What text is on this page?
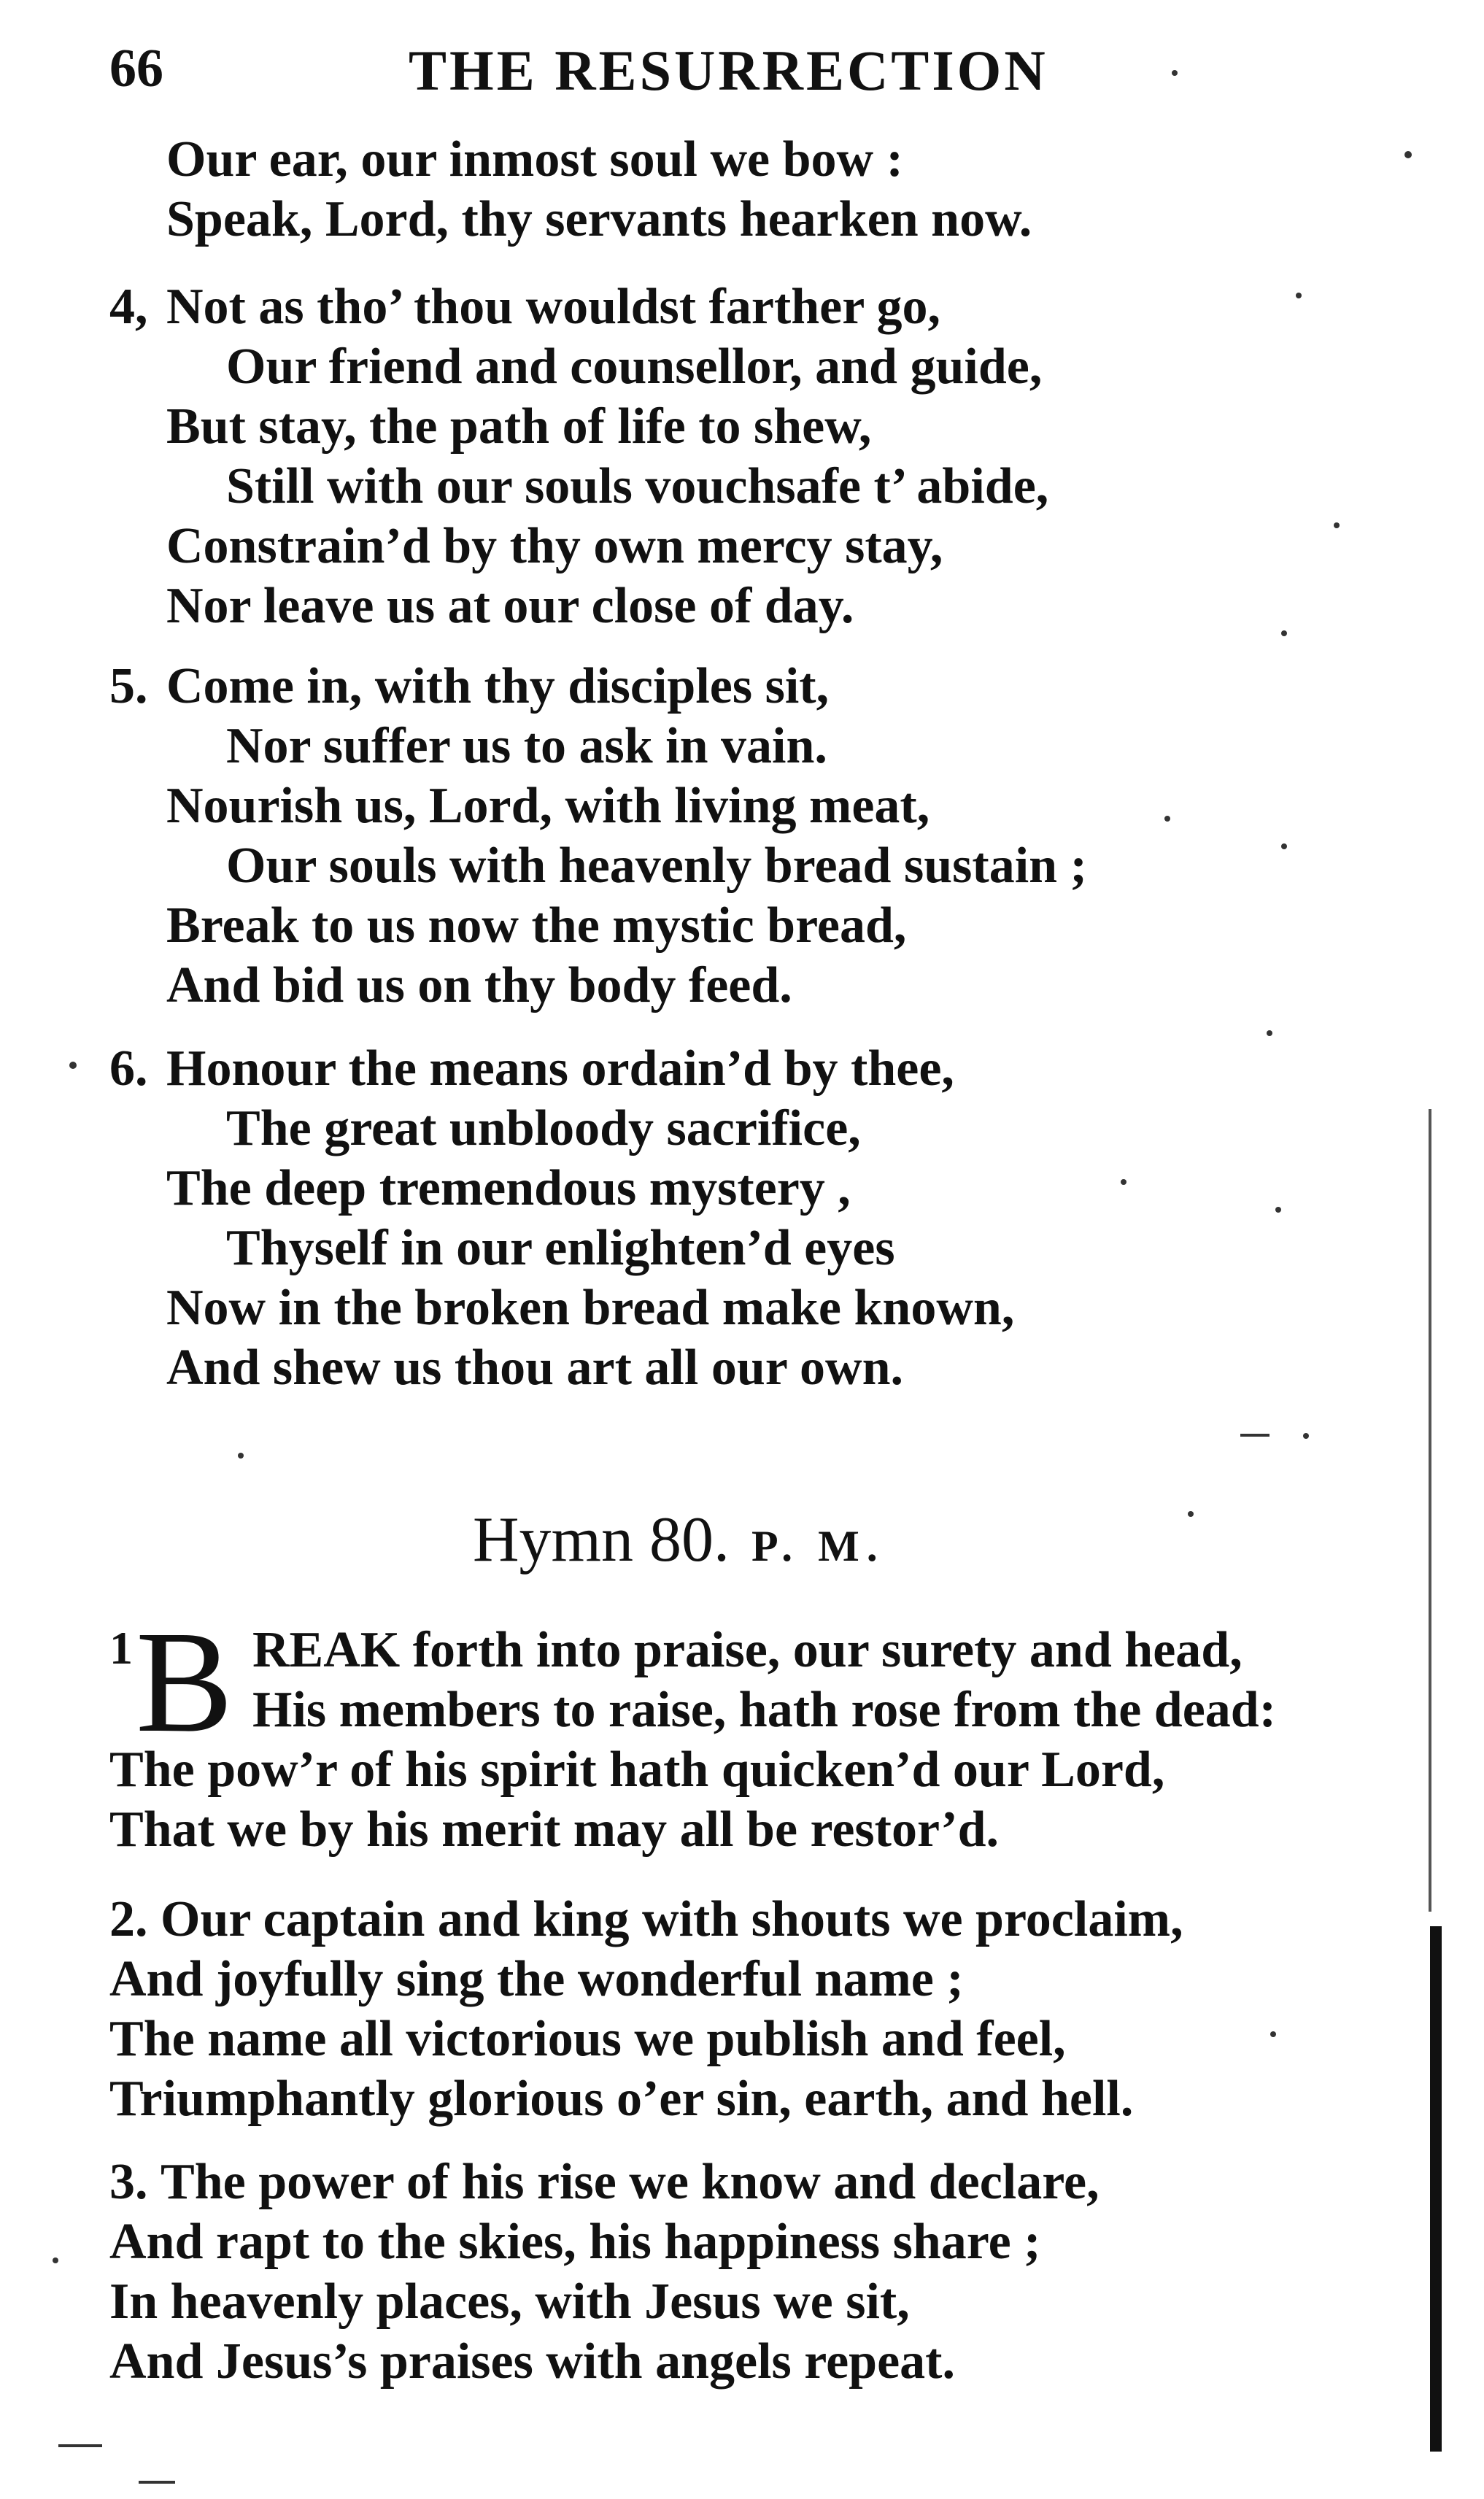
66	THE RESURRECTION
Our ear, our inmost soul we bow :
Speak, Lord, thy servants hearken now.
4, Not as tho’ thou wouldst farther go,
Our friend and counsellor, and guide,
But stay, the path of life to shew,
Still with our souls vouchsafe t’ abide,
Constrain’d by thy own mercy stay,
Nor leave us at our close of day.
5. Come in, with thy disciples sit,
Nor suffer us to ask in vain.
Nourish us, Lord, with living meat,
Our souls with heavenly bread sustain ;
Break to us now the mystic bread,
And bid us on thy body feed.
6. Honour the means ordain’d by thee,
The great unbloody sacrifice,
The deep tremendous mystery ,
Thyself in our enlighten’d eyes
Now in the broken bread make known,
And shew us thou art all our own.
Hymn 80. P. M.
1 B REAK forth into praise, our surety and head,
His members to raise, hath rose from the dead:
The pow’r of his spirit hath quicken’d our Lord,
That we by his merit may all be restor’d.
2. Our captain and king with shouts we proclaim,
And joyfully sing the wonderful name ;
The name all victorious we publish and feel,
Triumphantly glorious o’er sin, earth, and hell.
3. The power of his rise we know and declare,
And rapt to the skies, his happiness share ;
In heavenly places, with Jesus we sit,
And Jesus’s praises with angels repeat.
